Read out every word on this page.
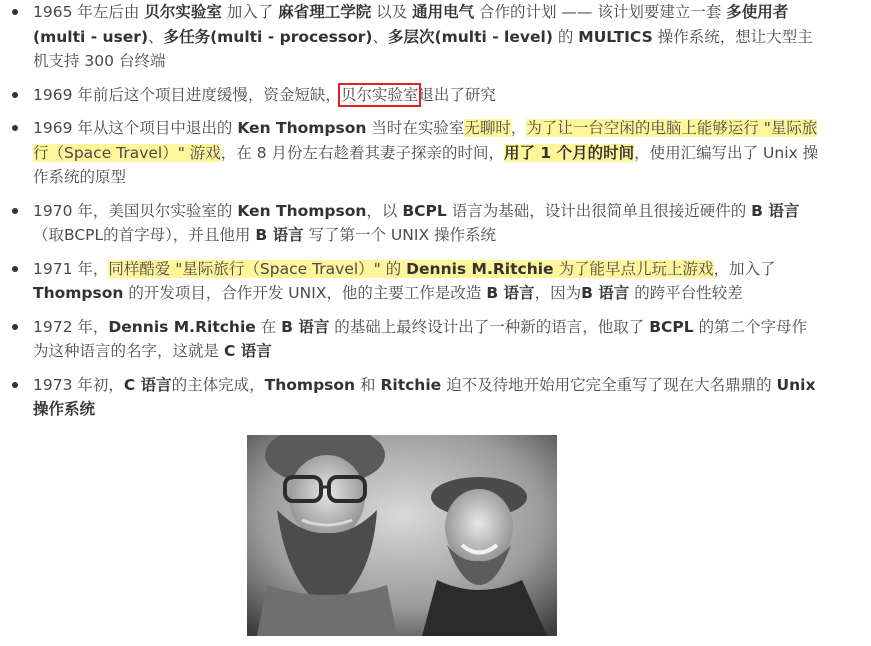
1965 年左后由 贝尔实验室 加入了 麻省理工学院 以及 通用电气 合作的计划 —— 该计划要建立一套 多使用者(multi - user)、多任务(multi - processor)、多层次(multi - level) 的 MULTICS 操作系统，想让大型主机支持 300 台终端
1969 年前后这个项目进度缓慢，资金短缺，贝尔实验室退出了研究
1969 年从这个项目中退出的 Ken Thompson 当时在实验室无聊时，为了让一台空闲的电脑上能够运行 "星际旅行（Space Travel）" 游戏，在 8 月份左右趁着其妻子探亲的时间，用了 1 个月的时间，使用汇编写出了 Unix 操作系统的原型
1970 年，美国贝尔实验室的 Ken Thompson，以 BCPL 语言为基础，设计出很简单且很接近硬件的 B 语言（取BCPL的首字母），并且他用 B 语言 写了第一个 UNIX 操作系统
1971 年，同样酷爱 "星际旅行（Space Travel）" 的 Dennis M.Ritchie 为了能早点儿玩上游戏，加入了 Thompson 的开发项目，合作开发 UNIX，他的主要工作是改造 B 语言，因为B 语言 的跨平台性较差
1972 年，Dennis M.Ritchie 在 B 语言 的基础上最终设计出了一种新的语言，他取了 BCPL 的第二个字母作为这种语言的名字，这就是 C 语言
1973 年初，C 语言的主体完成，Thompson 和 Ritchie 迫不及待地开始用它完全重写了现在大名鼎鼎的 Unix 操作系统
